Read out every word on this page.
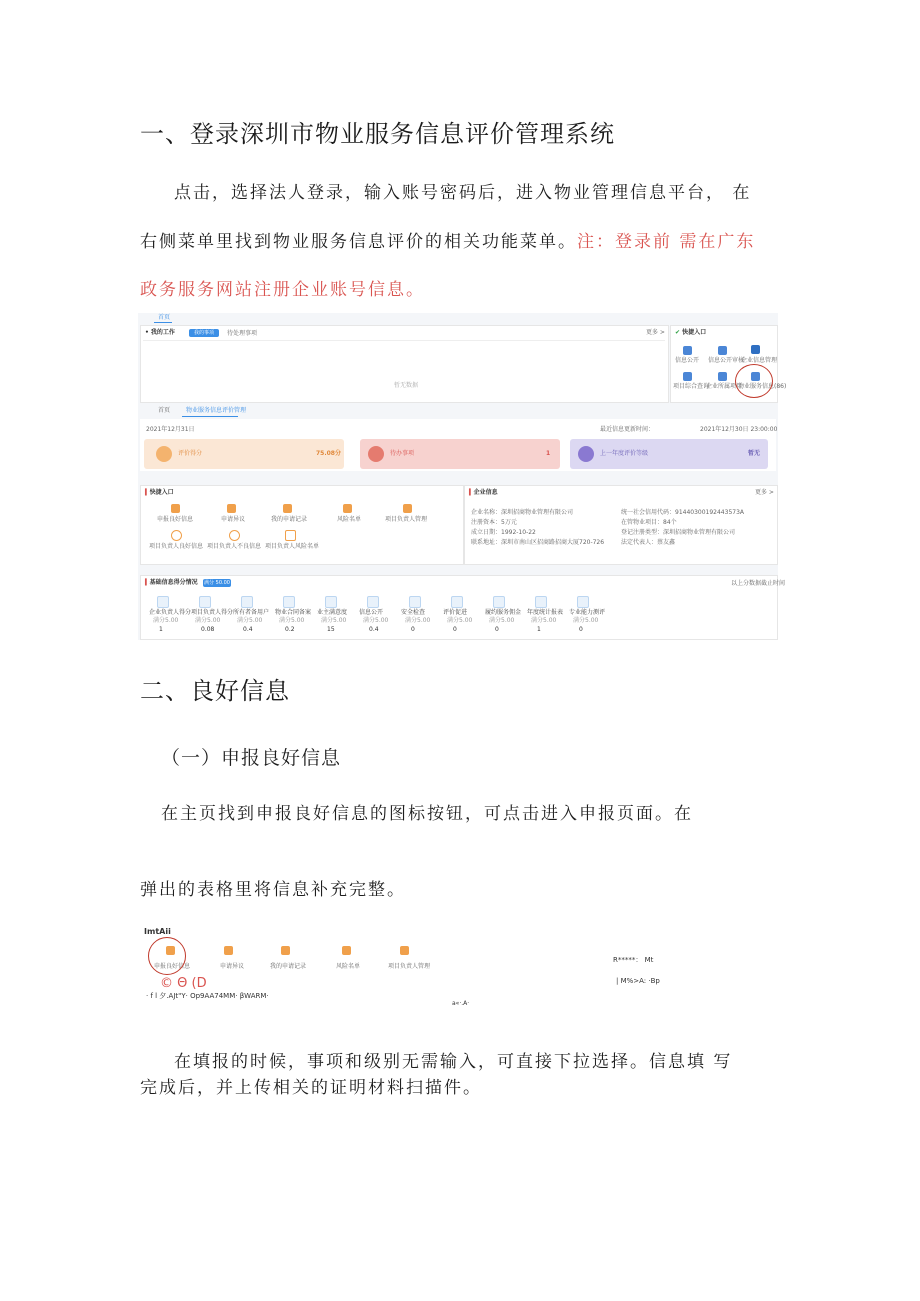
一、登录深圳市物业服务信息评价管理系统
点击，选择法人登录，输入账号密码后，进入物业管理信息平台， 在
右侧菜单里找到物业服务信息评价的相关功能菜单。注：登录前 需在广东
政务服务网站注册企业账号信息。
首页
• 我的工作	我的事项	待处理事项	更多 >
暂无数据
✔ 快捷入口
信息公开 信息公开审核
企业信息管理
项目综合查询
企业所属项目
物业服务信息(86)
首页	物业服务信息评价管理
2021年12月31日	最近信息更新时间：	2021年12月30日 23:00:00
评价得分	75.08分	待办事项	1	上一年度评价等级	暂无
▍快捷入口
申报良好信息	申请异议	我的申请记录	风险名单	项目负责人管理
项目负责人良好信息 项目负责人不良信息 项目负责人风险名单
▍企业信息	更多 >
企业名称：深圳招商物业管理有限公司
注册资本：5万元
成立日期：1992-10-22
联系地址：深圳市南山区招商路招商大厦720-726
统一社会信用代码：91440300192443573A
在管物业项目：84个
登记注册类型：深圳招商物业管理有限公司
法定代表人：蔡友鑫
▍基础信息得分情况 满分 50.00	以上分数据截止时间
企业负责人得分
满分5.00
1
项目负责人得分
满分5.00
0.08
所有者备用户
满分5.00
0.4
物业合同备案
满分5.00
0.2
业主满意度
满分5.00
15
信息公开
满分5.00
0.4
安全检查
满分5.00
0
评价促进
满分5.00
0
履约服务佣金
满分5.00
0
年度统计报表
满分5.00
1
专业能力测评
满分5.00
0
二、良好信息
（一）申报良好信息
在主页找到申报良好信息的图标按钮，可点击进入申报页面。在
弹出的表格里将信息补充完整。
ImtAii
申报良好信息	申请异议	我的申请记录	风险名单	项目负责人管理
© Θ (D
· f l 夕.AJt"Y· Op9AA74MM· βWARM·
R*****： Mt
| M%>A: ·Bp
a«·.A·
在填报的时候，事项和级别无需输入，可直接下拉选择。信息填 写
完成后，并上传相关的证明材料扫描件。
